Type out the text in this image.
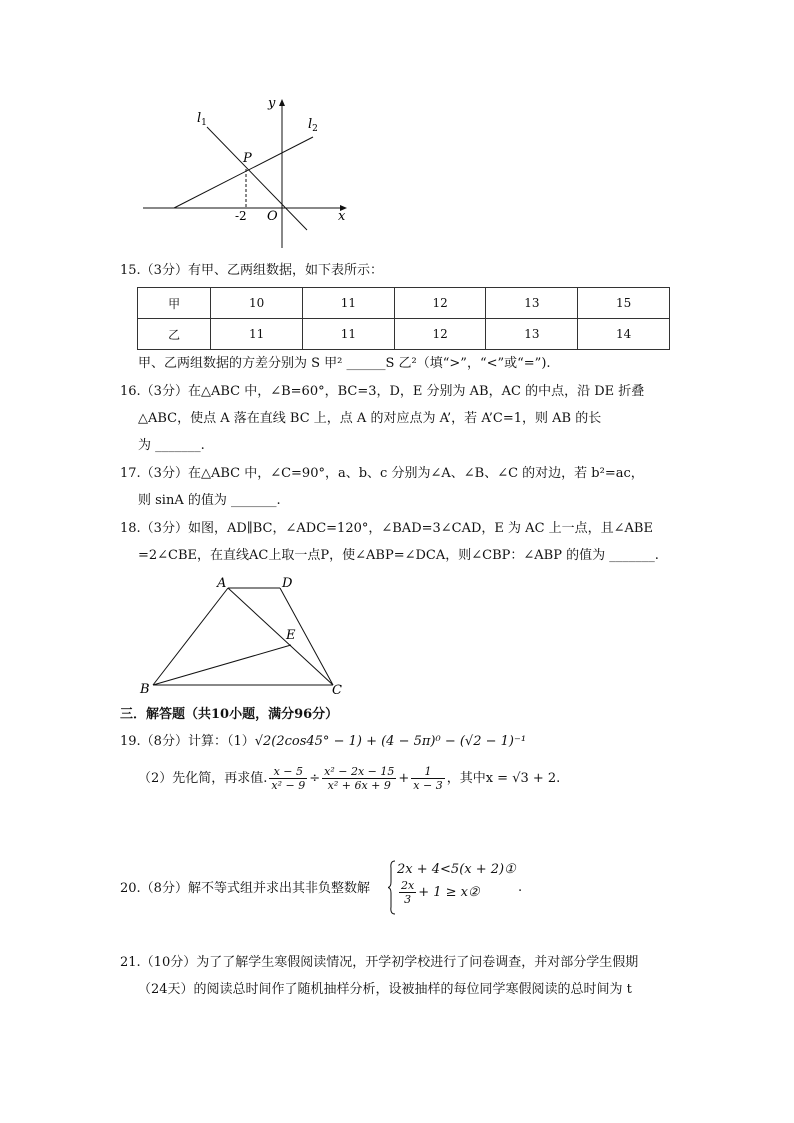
$l_1$	$l_2$
y
x
P
O
-2
15.（3分）有甲、乙两组数据，如下表所示：
甲	10	11	12	13	15
乙	11	11	12	13	14
甲、乙两组数据的方差分别为 S 甲² ______S 乙²（填“>”，“<”或“=”).
16.（3分）在△ABC 中，∠B=60°，BC=3，D，E 分别为 AB，AC 的中点，沿 DE 折叠
△ABC，使点 A 落在直线 BC 上，点 A 的对应点为 A’，若 A’C=1，则 AB 的长
为 _______.
17.（3分）在△ABC 中，∠C=90°，a、b、c 分别为∠A、∠B、∠C 的对边，若 b²=ac，
则 sinA 的值为 _______.
18.（3分）如图，AD∥BC，∠ADC=120°，∠BAD=3∠CAD，E 为 AC 上一点，且∠ABE
=2∠CBE，在直线AC上取一点P，使∠ABP=∠DCA，则∠CBP：∠ABP 的值为 _______.
A	D
E
B	C
三．解答题（共10小题，满分96分）
19.（8分）计算：（1）√2(2cos45° − 1) + (4 − 5π)⁰ − (√2 − 1)⁻¹
（2）先化简，再求值. $\frac{x - 5}{\text{x² − 9}} \div \frac{\text{x² − 2x − 15}}{\text{x² + 6x + 9}} + \frac{1}{x - 3}$ ，其中x = √3 + 2.
20.（8分）解不等式组并求出其非负整数解
2x + 4<5(x + 2)①
$\frac{2x}{3} + 1$ ≥ x②	.
21.（10分）为了了解学生寒假阅读情况，开学初学校进行了问卷调查，并对部分学生假期
（24天）的阅读总时间作了随机抽样分析，设被抽样的每位同学寒假阅读的总时间为 t
